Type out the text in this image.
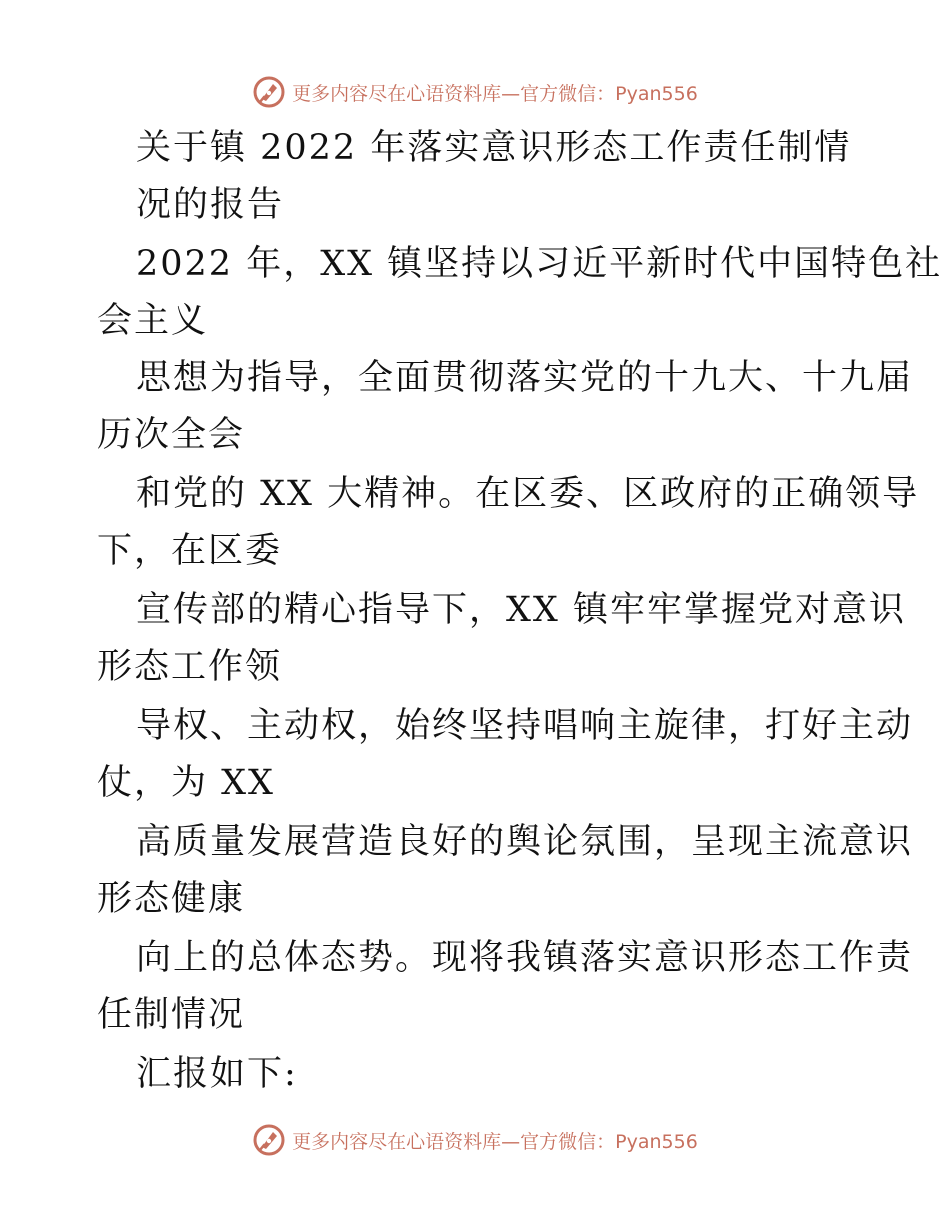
更多内容尽在心语资料库—官方微信：Pyan556
关于镇 2022 年落实意识形态工作责任制情
况的报告
2022 年，XX 镇坚持以习近平新时代中国特色社
会主义
思想为指导，全面贯彻落实党的十九大、十九届
历次全会
和党的 XX 大精神。在区委、区政府的正确领导
下，在区委
宣传部的精心指导下，XX 镇牢牢掌握党对意识
形态工作领
导权、主动权，始终坚持唱响主旋律，打好主动
仗，为 XX
高质量发展营造良好的舆论氛围，呈现主流意识
形态健康
向上的总体态势。现将我镇落实意识形态工作责
任制情况
汇报如下:
更多内容尽在心语资料库—官方微信：Pyan556
